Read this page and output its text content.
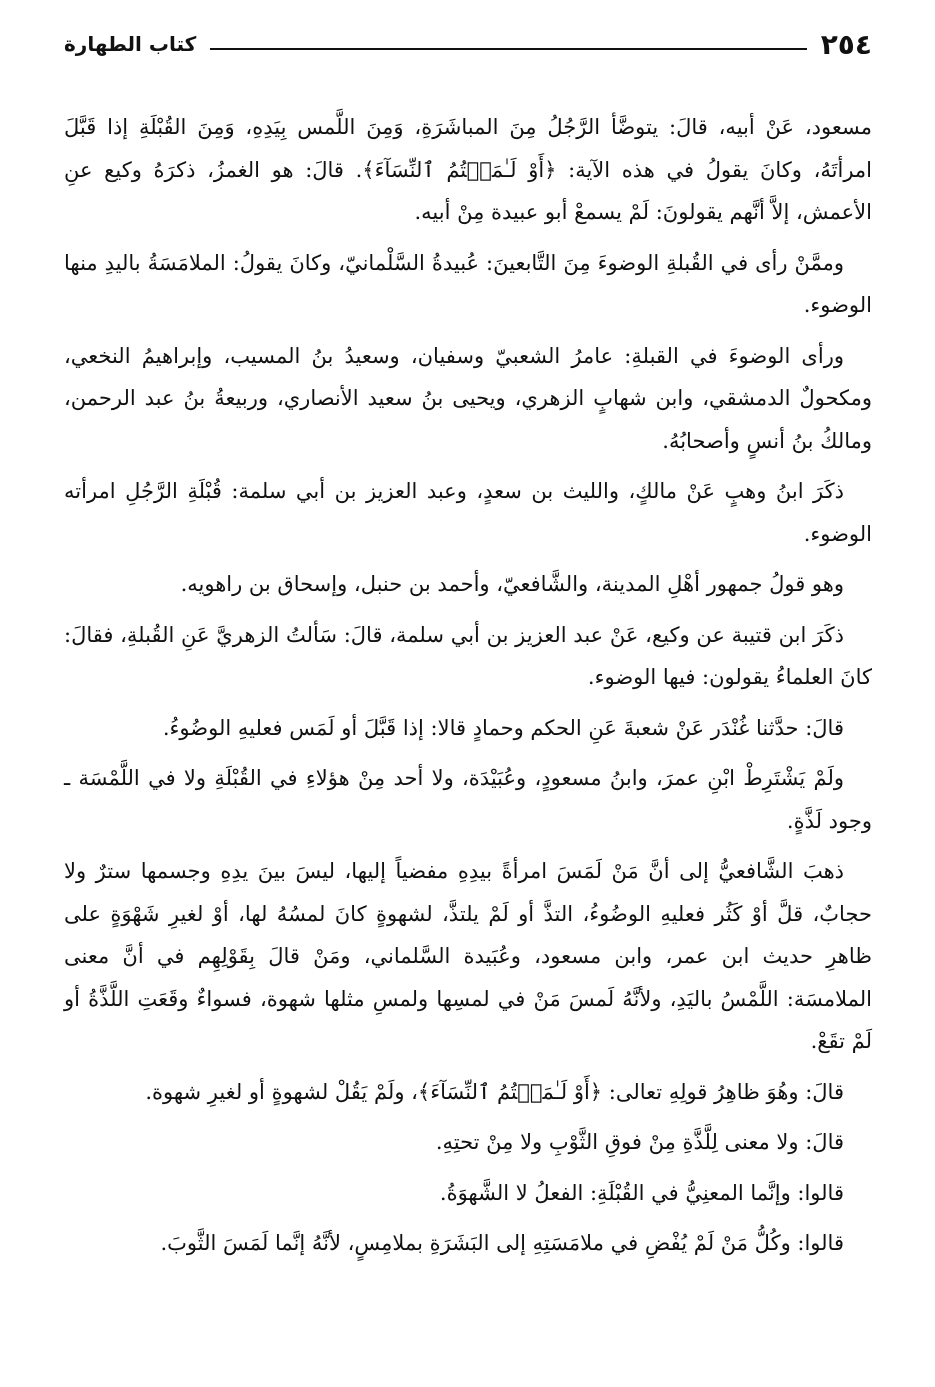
٢٥٤
كتاب الطهارة

مسعود، عَنْ أبيه، قالَ: يتوضَّأ الرَّجُلُ مِنَ المباشَرَةِ، وَمِنَ اللَّمس بِيَدِهِ، وَمِنَ القُبْلَةِ إذا قَبَّلَ امرأتَهُ، وكانَ يقولُ في هذه الآية: ﴿أَوْ لَـٰمَسۡتُمُ ٱلنِّسَآءَ﴾. قالَ: هو الغمزُ، ذكرَهُ وكيع عنِ الأعمش، إلاَّ أنَّهم يقولونَ: لَمْ يسمعْ أبو عبيدة مِنْ أبيه.

وممَّنْ رأى في القُبلةِ الوضوءَ مِنَ التَّابعينَ: عُبيدةُ السَّلْمانيّ، وكانَ يقولُ: الملامَسَةُ باليدِ منها الوضوء.

ورأى الوضوءَ في القبلةِ: عامرُ الشعبيّ وسفيان، وسعيدُ بنُ المسيب، وإبراهيمُ النخعي، ومكحولٌ الدمشقي، وابن شهابٍ الزهري، ويحيى بنُ سعيد الأنصاري، وربيعةُ بنُ عبد الرحمن، ومالكُ بنُ أنسٍ وأصحابُهُ.

ذكَرَ ابنُ وهبٍ عَنْ مالكٍ، والليث بن سعدٍ، وعبد العزيز بن أبي سلمة: قُبْلَةِ الرَّجُلِ امرأته الوضوء.

وهو قولُ جمهور أهْلِ المدينة، والشَّافعيّ، وأحمد بن حنبل، وإسحاق بن راهويه.

ذكَرَ ابن قتيبة عن وكيع، عَنْ عبد العزيز بن أبي سلمة، قالَ: سَألتُ الزهريَّ عَنِ القُبلةِ، فقالَ: كانَ العلماءُ يقولون: فيها الوضوء.

قالَ: حدَّثنا غُنْدَر عَنْ شعبةَ عَنِ الحكم وحمادٍ قالا: إذا قَبَّلَ أو لَمَس فعليهِ الوضُوءُ.

ولَمْ يَشْتَرِطْ ابْنِ عمرَ، وابنُ مسعودٍ، وعُبَيْدَة، ولا أحد مِنْ هؤلاءِ في القُبْلَةِ ولا في اللَّمْسَة ـ وجود لَذَّةٍ.

ذهبَ الشَّافعيُّ إلى أنَّ مَنْ لَمَسَ امرأةً بيدِهِ مفضياً إليها، ليسَ بينَ يدِهِ وجسمها سترٌ ولا حجابٌ، قلَّ أوْ كَثُر فعليهِ الوضُوءُ، التذَّ أو لَمْ يلتذَّ، لشهوةٍ كانَ لمسُهُ لها، أوْ لغيرِ شَهْوَةٍ على ظاهرِ حديث ابن عمر، وابن مسعود، وعُبَيدة السَّلماني، ومَنْ قالَ بِقَوْلِهِم في أنَّ معنى الملامسَة: اللَّمْسُ باليَدِ، ولأنَّهُ لَمسَ مَنْ في لمسِها ولمسِ مثلها شهوة، فسواءٌ وقَعَتِ اللَّذَّةُ أو لَمْ تقَعْ.

قالَ: وهُوَ ظاهِرُ قولِهِ تعالى: ﴿أَوْ لَـٰمَسۡتُمُ ٱلنِّسَآءَ﴾، ولَمْ يَقُلْ لشهوةٍ أو لغيرِ شهوة.

قالَ: ولا معنى لِلَّذَّةِ مِنْ فوقِ الثَّوْبِ ولا مِنْ تحتِهِ.

قالوا: وإنَّما المعنِيُّ في القُبْلَةِ: الفعلُ لا الشَّهوَةُ.

قالوا: وكُلُّ مَنْ لَمْ يُفْضِ في ملامَسَتِهِ إلى البَشَرَةِ بملامِسٍ، لأنَّهُ إنَّما لَمَسَ الثَّوبَ.
